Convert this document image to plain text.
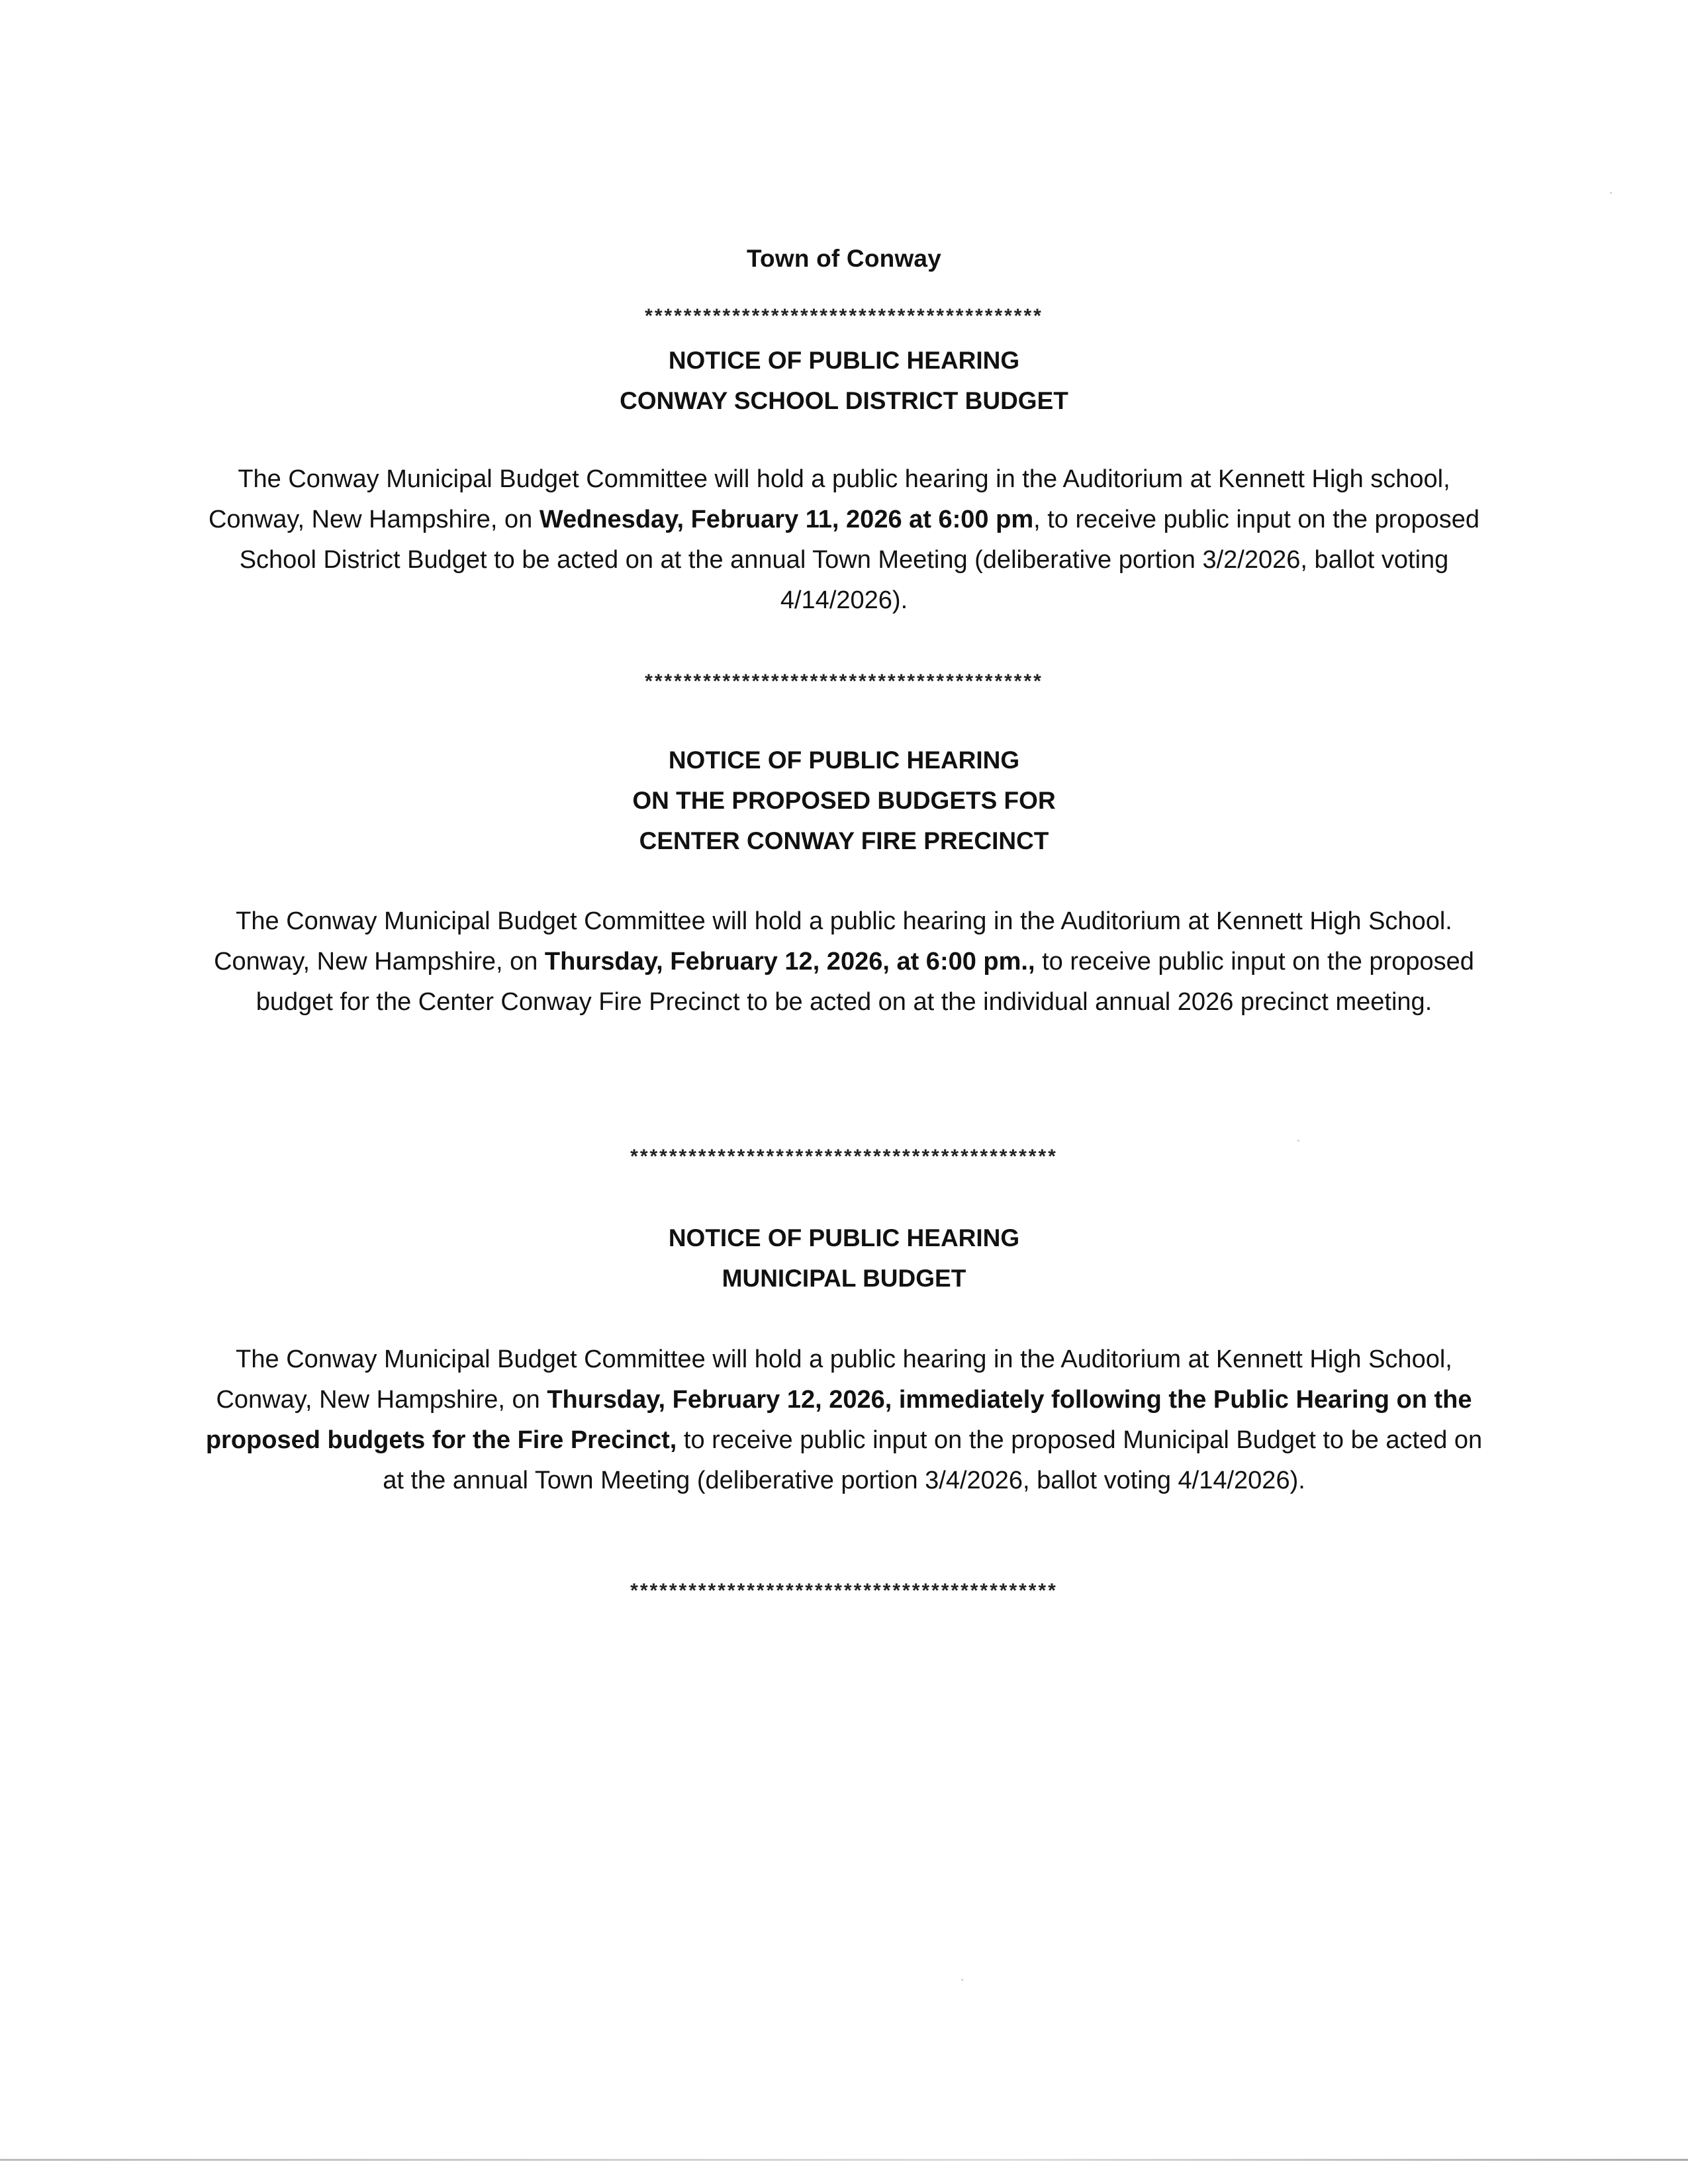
Town of Conway
*****************************************
NOTICE OF PUBLIC HEARING
CONWAY SCHOOL DISTRICT BUDGET
The Conway Municipal Budget Committee will hold a public hearing in the Auditorium at Kennett High school, Conway, New Hampshire, on Wednesday, February 11, 2026 at 6:00 pm, to receive public input on the proposed School District Budget to be acted on at the annual Town Meeting (deliberative portion 3/2/2026, ballot voting 4/14/2026).
*****************************************
NOTICE OF PUBLIC HEARING
ON THE PROPOSED BUDGETS FOR
CENTER CONWAY FIRE PRECINCT
The Conway Municipal Budget Committee will hold a public hearing in the Auditorium at Kennett High School. Conway, New Hampshire, on Thursday, February 12, 2026, at 6:00 pm., to receive public input on the proposed budget for the Center Conway Fire Precinct to be acted on at the individual annual 2026 precinct meeting.
********************************************
NOTICE OF PUBLIC HEARING
MUNICIPAL BUDGET
The Conway Municipal Budget Committee will hold a public hearing in the Auditorium at Kennett High School, Conway, New Hampshire, on Thursday, February 12, 2026, immediately following the Public Hearing on the proposed budgets for the Fire Precinct, to receive public input on the proposed Municipal Budget to be acted on at the annual Town Meeting (deliberative portion 3/4/2026, ballot voting 4/14/2026).
********************************************
